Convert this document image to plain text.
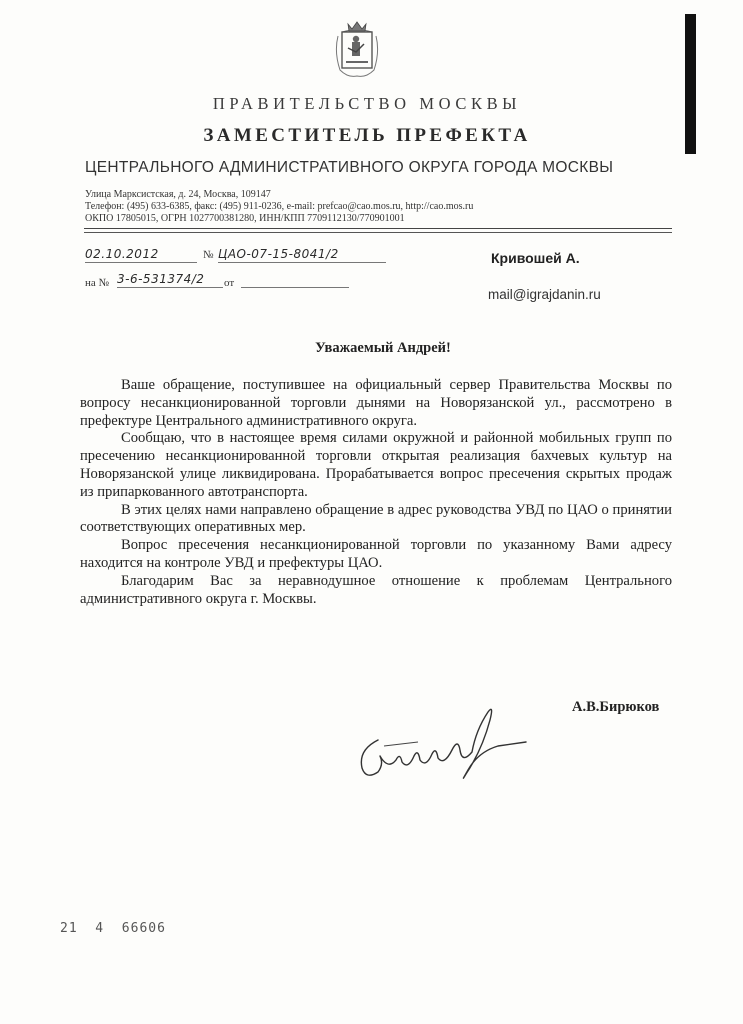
ПРАВИТЕЛЬСТВО МОСКВЫ
ЗАМЕСТИТЕЛЬ ПРЕФЕКТА
ЦЕНТРАЛЬНОГО АДМИНИСТРАТИВНОГО ОКРУГА ГОРОДА МОСКВЫ
Улица Марксистская, д. 24, Москва, 109147
Телефон: (495) 633-6385, факс: (495) 911-0236, e-mail: prefcao@cao.mos.ru, http://cao.mos.ru
ОКПО 17805015, ОГРН 1027700381280, ИНН/КПП 7709112130/770901001
02.10.2012	№ ЦАО-07-15-8041/2
на № 3-6-531374/2 от
Кривошей А.
mail@igrajdanin.ru
Уважаемый Андрей!

Ваше обращение, поступившее на официальный сервер Правительства Москвы по вопросу несанкционированной торговли дынями на Новорязанской ул., рассмотрено в префектуре Центрального административного округа.

Сообщаю, что в настоящее время силами окружной и районной мобильных групп по пресечению несанкционированной торговли открытая реализация бахчевых культур на Новорязанской улице ликвидирована. Прорабатывается вопрос пресечения скрытых продаж из припаркованного автотранспорта.

В этих целях нами направлено обращение в адрес руководства УВД по ЦАО о принятии соответствующих оперативных мер.

Вопрос пресечения несанкционированной торговли по указанному Вами адресу находится на контроле УВД и префектуры ЦАО.

Благодарим Вас за неравнодушное отношение к проблемам Центрального административного округа г. Москвы.

А.В.Бирюков
21  4  66606
